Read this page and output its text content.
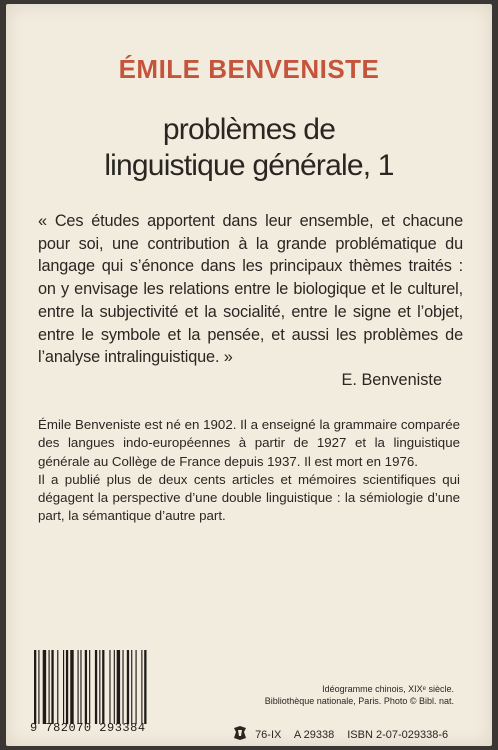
ÉMILE BENVENISTE
problèmes de
linguistique générale, 1
« Ces études apportent dans leur ensemble, et chacune pour soi, une contribution à la grande problématique du langage qui s’énonce dans les principaux thèmes traités : on y envisage les relations entre le biologique et le culturel, entre la subjectivité et la socialité, entre le signe et l’objet, entre le symbole et la pensée, et aussi les problèmes de l’analyse intralinguistique. »
E. Benveniste

Émile Benveniste est né en 1902. Il a enseigné la grammaire comparée des langues indo-européennes à partir de 1927 et la linguistique générale au Collège de France depuis 1937. Il est mort en 1976.

Il a publié plus de deux cents articles et mémoires scientifiques qui dégagent la perspective d’une double linguistique : la sémiologie d’une part, la sémantique d’autre part.

9 782070 293384
Idéogramme chinois, XIXᵉ siècle.
Bibliothèque nationale, Paris. Photo © Bibl. nat.
76-IX A 29338 ISBN 2-07-029338-6
